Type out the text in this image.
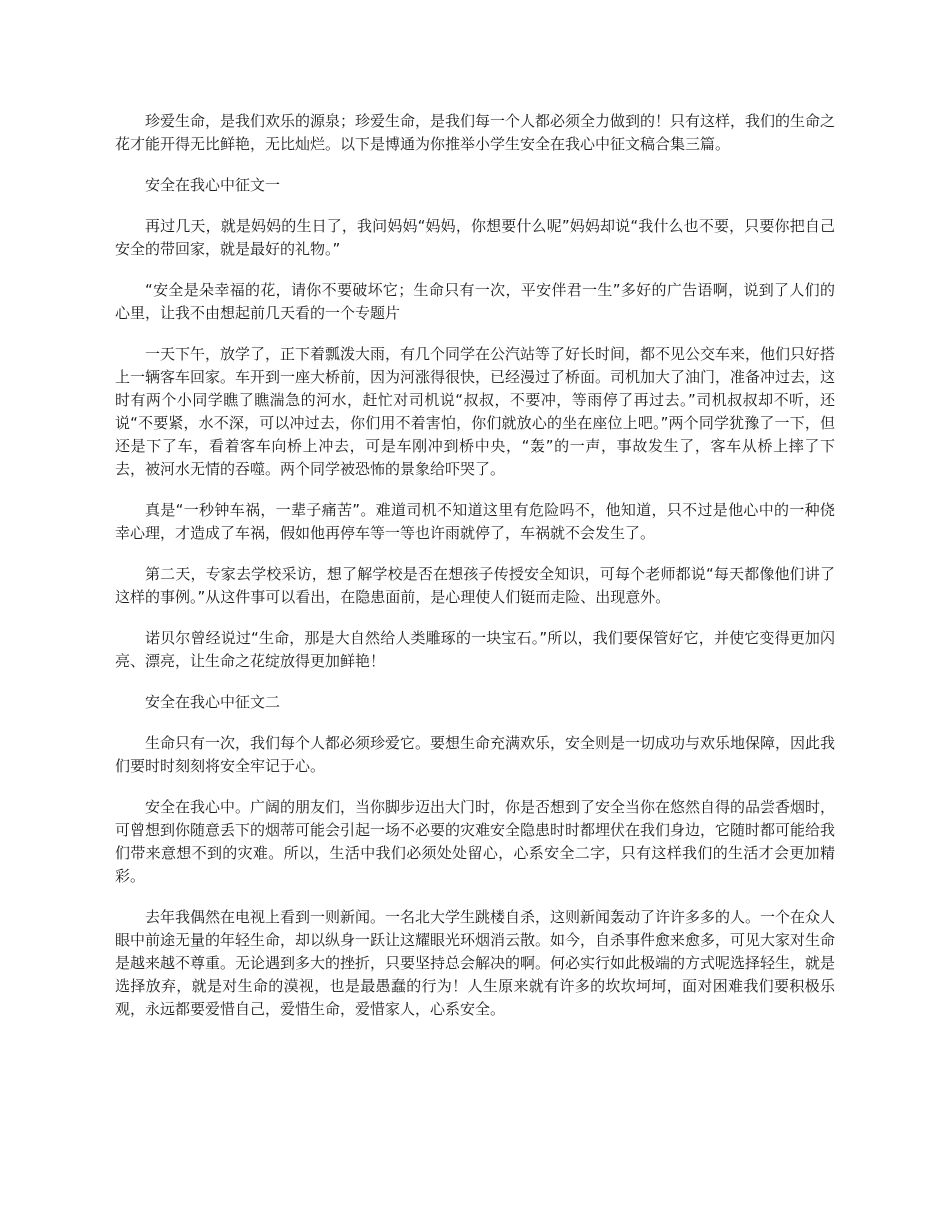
珍爱生命，是我们欢乐的源泉；珍爱生命，是我们每一个人都必须全力做到的！只有这样，我们的生命之花才能开得无比鲜艳，无比灿烂。以下是博通为你推举小学生安全在我心中征文稿合集三篇。

安全在我心中征文一

再过几天，就是妈妈的生日了，我问妈妈“妈妈，你想要什么呢”妈妈却说“我什么也不要，只要你把自己安全的带回家，就是最好的礼物。”

“安全是朵幸福的花，请你不要破坏它；生命只有一次，平安伴君一生”多好的广告语啊，说到了人们的心里，让我不由想起前几天看的一个专题片

一天下午，放学了，正下着瓢泼大雨，有几个同学在公汽站等了好长时间，都不见公交车来，他们只好搭上一辆客车回家。车开到一座大桥前，因为河涨得很快，已经漫过了桥面。司机加大了油门，准备冲过去，这时有两个小同学瞧了瞧湍急的河水，赶忙对司机说“叔叔，不要冲，等雨停了再过去。”司机叔叔却不听，还说“不要紧，水不深，可以冲过去，你们用不着害怕，你们就放心的坐在座位上吧。”两个同学犹豫了一下，但还是下了车，看着客车向桥上冲去，可是车刚冲到桥中央，“轰”的一声，事故发生了，客车从桥上摔了下去，被河水无情的吞噬。两个同学被恐怖的景象给吓哭了。

真是“一秒钟车祸，一辈子痛苦”。难道司机不知道这里有危险吗不，他知道，只不过是他心中的一种侥幸心理，才造成了车祸，假如他再停车等一等也许雨就停了，车祸就不会发生了。

第二天，专家去学校采访，想了解学校是否在想孩子传授安全知识，可每个老师都说“每天都像他们讲了这样的事例。”从这件事可以看出，在隐患面前，是心理使人们铤而走险、出现意外。

诺贝尔曾经说过“生命，那是大自然给人类雕琢的一块宝石。”所以，我们要保管好它，并使它变得更加闪亮、漂亮，让生命之花绽放得更加鲜艳！

安全在我心中征文二

生命只有一次，我们每个人都必须珍爱它。要想生命充满欢乐，安全则是一切成功与欢乐地保障，因此我们要时时刻刻将安全牢记于心。

安全在我心中。广阔的朋友们，当你脚步迈出大门时，你是否想到了安全当你在悠然自得的品尝香烟时，可曾想到你随意丢下的烟蒂可能会引起一场不必要的灾难安全隐患时时都埋伏在我们身边，它随时都可能给我们带来意想不到的灾难。所以，生活中我们必须处处留心，心系安全二字，只有这样我们的生活才会更加精彩。

去年我偶然在电视上看到一则新闻。一名北大学生跳楼自杀，这则新闻轰动了许许多多的人。一个在众人眼中前途无量的年轻生命，却以纵身一跃让这耀眼光环烟消云散。如今，自杀事件愈来愈多，可见大家对生命是越来越不尊重。无论遇到多大的挫折，只要坚持总会解决的啊。何必实行如此极端的方式呢选择轻生，就是选择放弃，就是对生命的漠视，也是最愚蠢的行为！人生原来就有许多的坎坎坷坷，面对困难我们要积极乐观，永远都要爱惜自己，爱惜生命，爱惜家人，心系安全。
